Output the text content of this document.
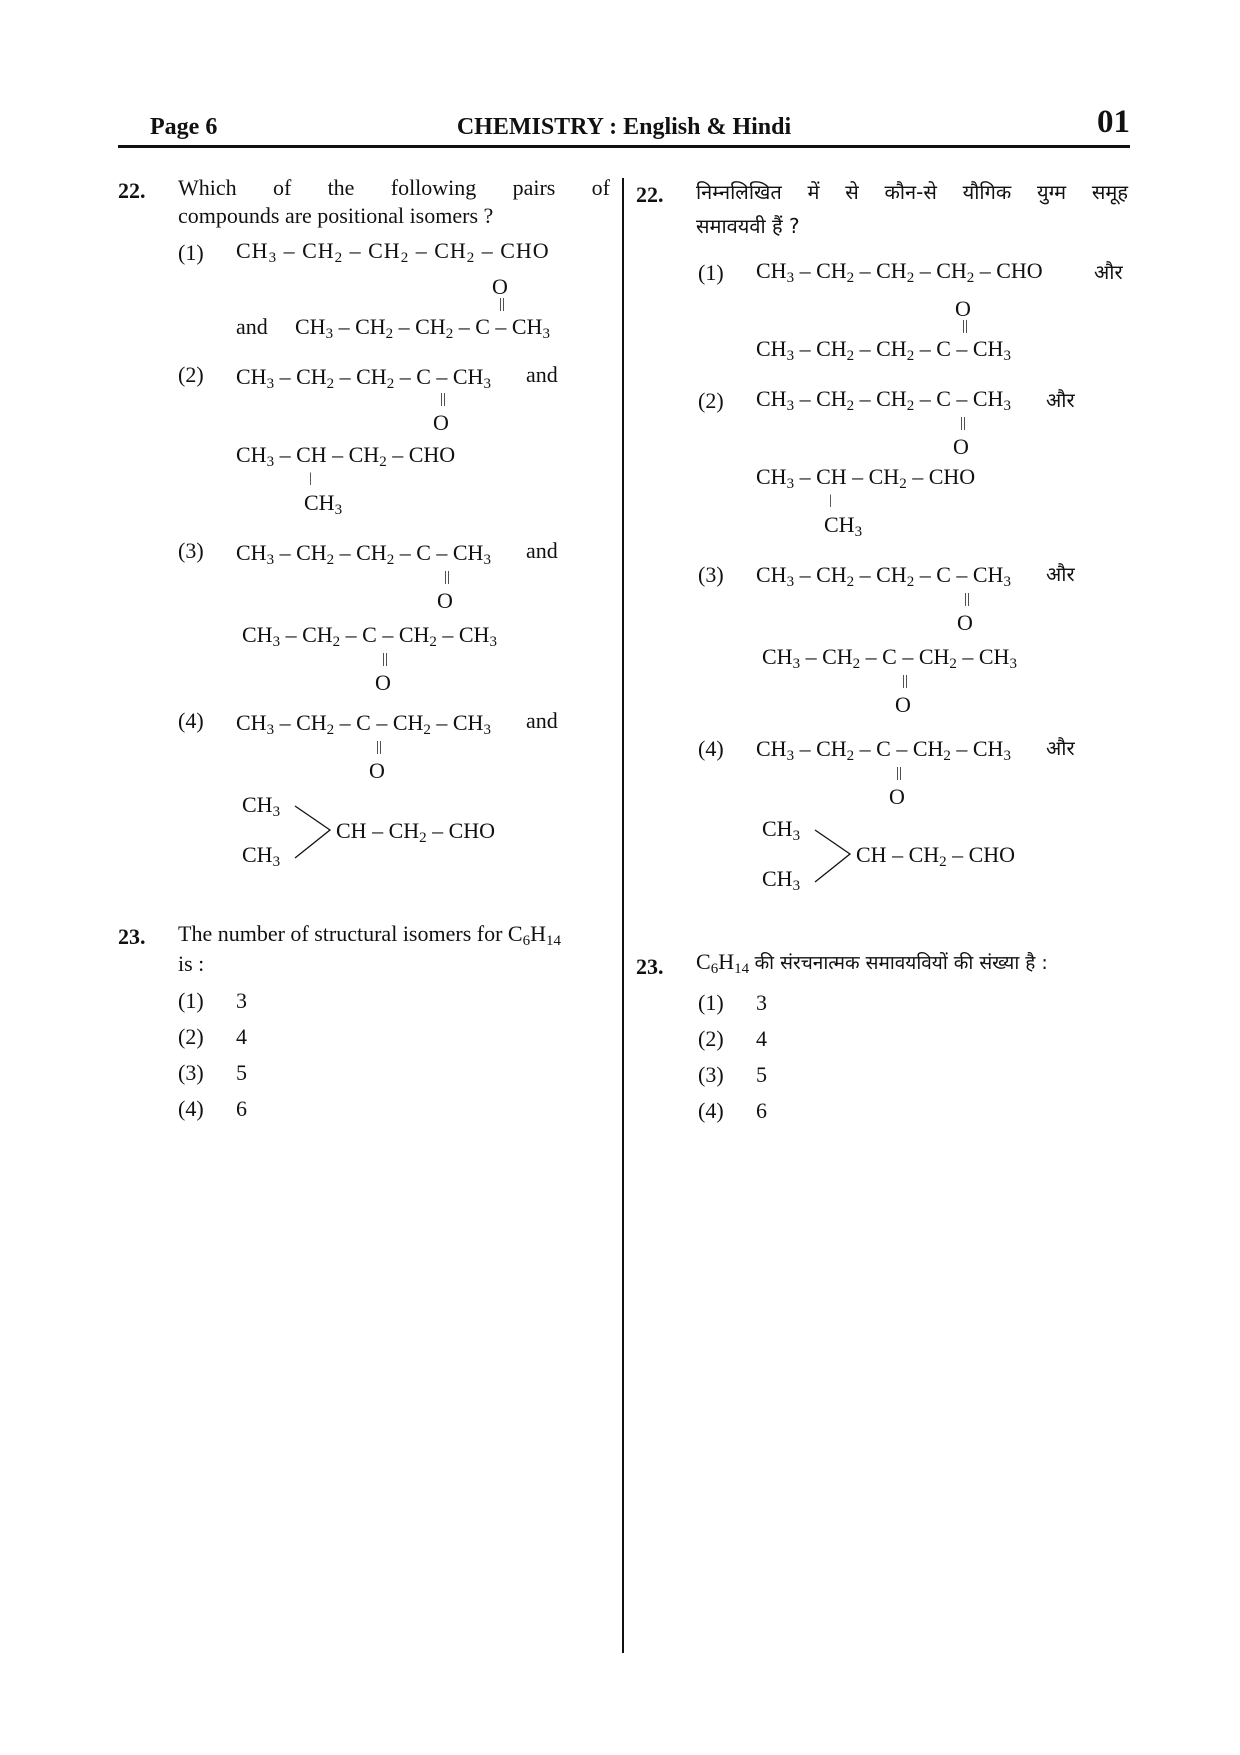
Page 6	CHEMISTRY : English & Hindi	01
22. Which of the following pairs of
compounds are positional isomers ?
(1) $CH_3 - CH_2 - CH_2 - CH_2$ – CHO
O
||
and $CH_3 - CH_2 - CH_2$ – C – $CH_3$
(2) $CH_3 - CH_2 - CH_2$ – C – $CH_3$ and
||
O
$CH_3$ – CH – $CH_2$ – CHO
|
$CH_3$
(3) $CH_3 - CH_2 - CH_2$ – C – $CH_3$ and
||
O
$CH_3 - CH_2$ – C – $CH_2 - CH_3$
||
O
(4) $CH_3 - CH_2$ – C – $CH_2 - CH_3$ and
||
O
$CH_3$
$CH_3$
CH – $CH_2$ – CHO
23. The number of structural isomers for $C_6H_{14}$
is :
(1) 3
(2) 4
(3) 5
(4) 6
22. निम्नलिखित में से कौन-से यौगिक युग्म समूह
समावयवी हैं ?
(1) $CH_3 - CH_2 - CH_2 - CH_2$ – CHO	और
O
||
$CH_3 - CH_2 - CH_2$ – C – $CH_3$
(2) $CH_3 - CH_2 - CH_2$ – C – $CH_3$ और
||
O
$CH_3$ – CH – $CH_2$ – CHO
|
$CH_3$
(3) $CH_3 - CH_2 - CH_2$ – C – $CH_3$ और
||
O
$CH_3 - CH_2$ – C – $CH_2 - CH_3$
||
O
(4) $CH_3 - CH_2$ – C – $CH_2 - CH_3$ और
||
O
$CH_3$
$CH_3$
CH – $CH_2$ – CHO
23. $C_6H_{14}$ की संरचनात्मक समावयवियों की संख्या है :
(1) 3
(2) 4
(3) 5
(4) 6
